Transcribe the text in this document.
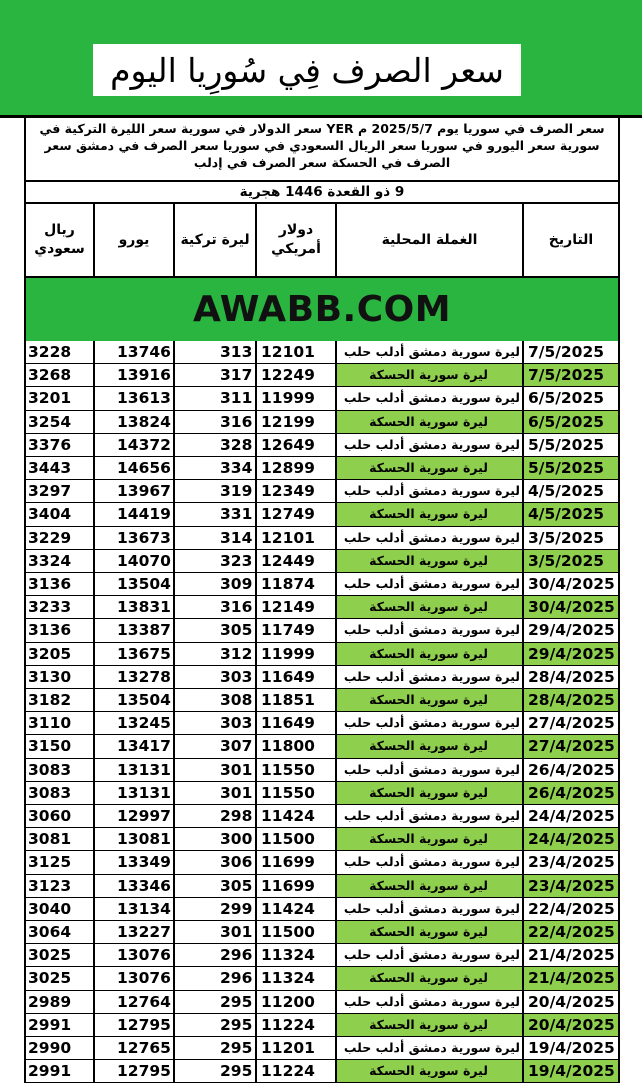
سعر الصرف فِي سُورِيا اليوم
سعر الصرف في سوريا يوم 2025/5/7 م YER سعر الدولار في سورية سعر الليرة التركية في سورية سعر اليورو في سوريا سعر الريال السعودي في سوريا سعر الصرف في دمشق سعر الصرف في الحسكة سعر الصرف في إدلب
9 ذو القعدة 1446 هجرية
التاريخ
الغملة المحلية
دولار أمريكي
ليرة تركية
يورو
ريال سعودي
AWABB.COM
7/5/2025
ليرة سورية دمشق أدلب حلب
12101
313
13746
3228
7/5/2025
ليرة سورية الحسكة
12249
317
13916
3268
6/5/2025
ليرة سورية دمشق أدلب حلب
11999
311
13613
3201
6/5/2025
ليرة سورية الحسكة
12199
316
13824
3254
5/5/2025
ليرة سورية دمشق أدلب حلب
12649
328
14372
3376
5/5/2025
ليرة سورية الحسكة
12899
334
14656
3443
4/5/2025
ليرة سورية دمشق أدلب حلب
12349
319
13967
3297
4/5/2025
ليرة سورية الحسكة
12749
331
14419
3404
3/5/2025
ليرة سورية دمشق أدلب حلب
12101
314
13673
3229
3/5/2025
ليرة سورية الحسكة
12449
323
14070
3324
30/4/2025
ليرة سورية دمشق أدلب حلب
11874
309
13504
3136
30/4/2025
ليرة سورية الحسكة
12149
316
13831
3233
29/4/2025
ليرة سورية دمشق أدلب حلب
11749
305
13387
3136
29/4/2025
ليرة سورية الحسكة
11999
312
13675
3205
28/4/2025
ليرة سورية دمشق أدلب حلب
11649
303
13278
3130
28/4/2025
ليرة سورية الحسكة
11851
308
13504
3182
27/4/2025
ليرة سورية دمشق أدلب حلب
11649
303
13245
3110
27/4/2025
ليرة سورية الحسكة
11800
307
13417
3150
26/4/2025
ليرة سورية دمشق أدلب حلب
11550
301
13131
3083
26/4/2025
ليرة سورية الحسكة
11550
301
13131
3083
24/4/2025
ليرة سورية دمشق أدلب حلب
11424
298
12997
3060
24/4/2025
ليرة سورية الحسكة
11500
300
13081
3081
23/4/2025
ليرة سورية دمشق أدلب حلب
11699
306
13349
3125
23/4/2025
ليرة سورية الحسكة
11699
305
13346
3123
22/4/2025
ليرة سورية دمشق أدلب حلب
11424
299
13134
3040
22/4/2025
ليرة سورية الحسكة
11500
301
13227
3064
21/4/2025
ليرة سورية دمشق أدلب حلب
11324
296
13076
3025
21/4/2025
ليرة سورية الحسكة
11324
296
13076
3025
20/4/2025
ليرة سورية دمشق أدلب حلب
11200
295
12764
2989
20/4/2025
ليرة سورية الحسكة
11224
295
12795
2991
19/4/2025
ليرة سورية دمشق أدلب حلب
11201
295
12765
2990
19/4/2025
ليرة سورية الحسكة
11224
295
12795
2991
